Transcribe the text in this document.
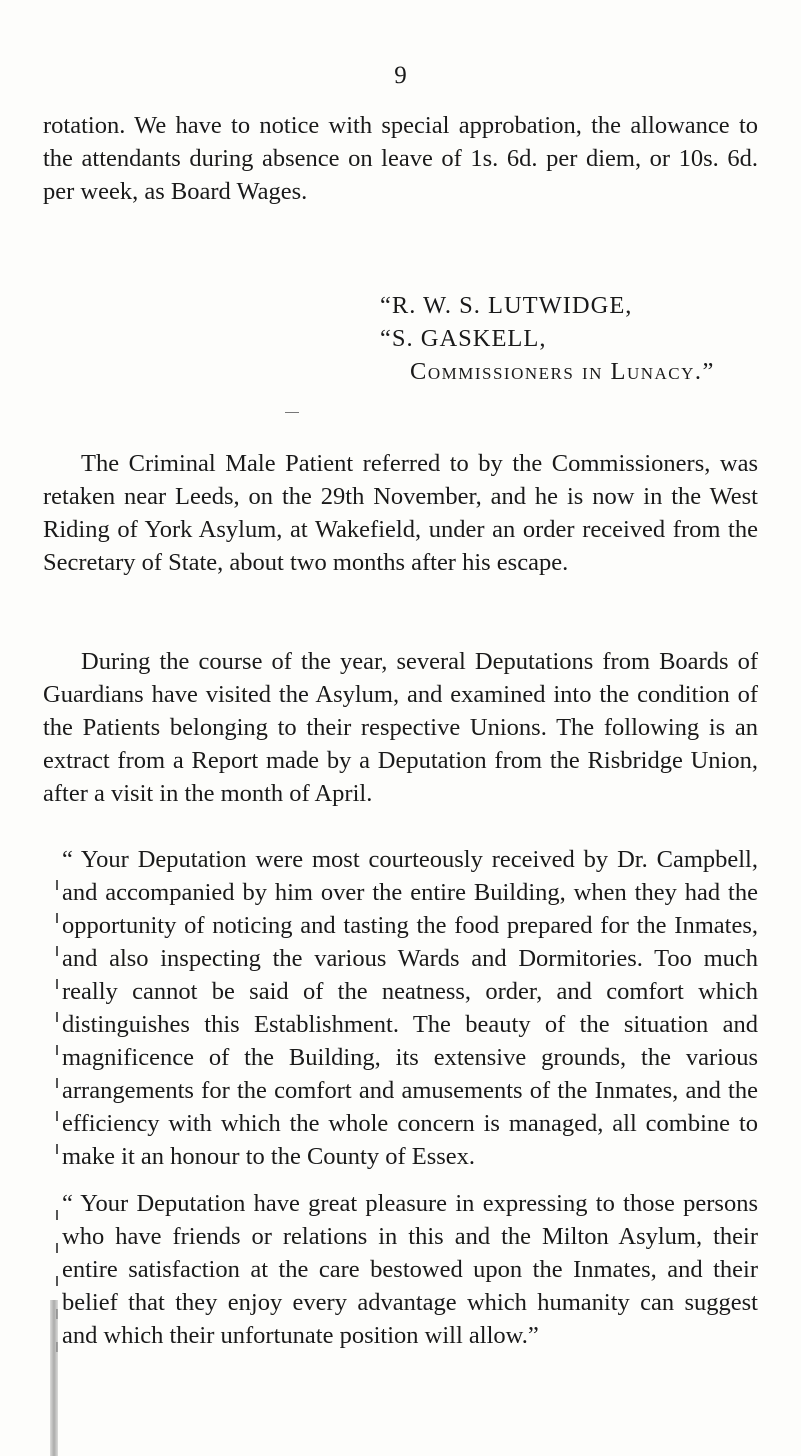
9
rotation. We have to notice with special approbation, the allowance to the attendants during absence on leave of 1s. 6d. per diem, or 10s. 6d. per week, as Board Wages.
“R. W. S. LUTWIDGE,
“S. GASKELL,
Commissioners in Lunacy.”
The Criminal Male Patient referred to by the Commissioners, was retaken near Leeds, on the 29th November, and he is now in the West Riding of York Asylum, at Wakefield, under an order received from the Secretary of State, about two months after his escape.
During the course of the year, several Deputations from Boards of Guardians have visited the Asylum, and examined into the condition of the Patients belonging to their respective Unions. The following is an extract from a Report made by a Deputation from the Risbridge Union, after a visit in the month of April.
“ Your Deputation were most courteously received by Dr. Campbell, and accompanied by him over the entire Building, when they had the opportunity of noticing and tasting the food prepared for the Inmates, and also inspecting the various Wards and Dormitories. Too much really cannot be said of the neatness, order, and comfort which distinguishes this Establishment. The beauty of the situation and magnificence of the Building, its extensive grounds, the various arrangements for the comfort and amusements of the Inmates, and the efficiency with which the whole concern is managed, all combine to make it an honour to the County of Essex.
“ Your Deputation have great pleasure in expressing to those persons who have friends or relations in this and the Milton Asylum, their entire satisfaction at the care bestowed upon the Inmates, and their belief that they enjoy every advantage which humanity can suggest and which their unfortunate position will allow.”
